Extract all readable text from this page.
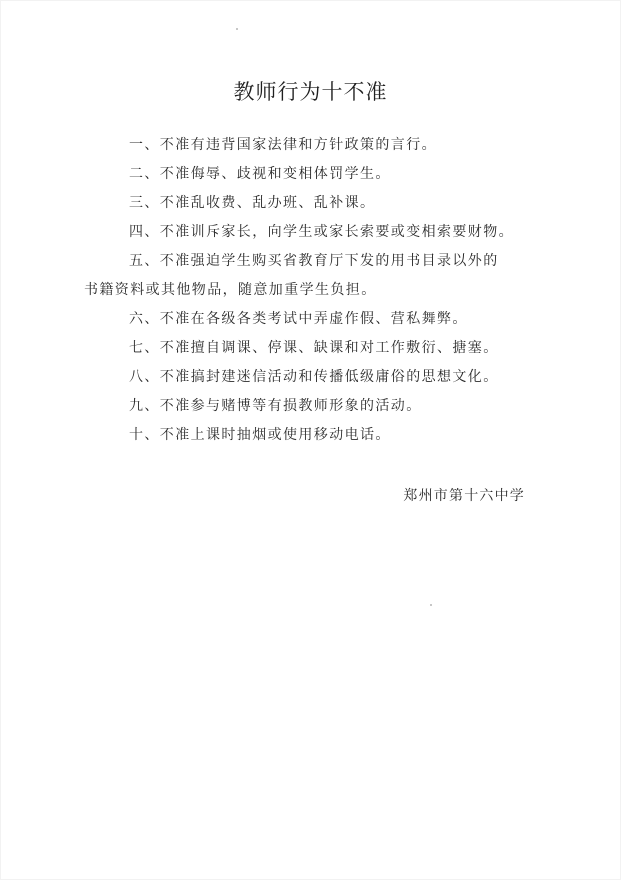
教师行为十不准
一、不准有违背国家法律和方针政策的言行。
二、不准侮辱、歧视和变相体罚学生。
三、不准乱收费、乱办班、乱补课。
四、不准训斥家长，向学生或家长索要或变相索要财物。
五、不准强迫学生购买省教育厅下发的用书目录以外的
书籍资料或其他物品，随意加重学生负担。
六、不准在各级各类考试中弄虚作假、营私舞弊。
七、不准擅自调课、停课、缺课和对工作敷衍、搪塞。
八、不准搞封建迷信活动和传播低级庸俗的思想文化。
九、不准参与赌博等有损教师形象的活动。
十、不准上课时抽烟或使用移动电话。
郑州市第十六中学
